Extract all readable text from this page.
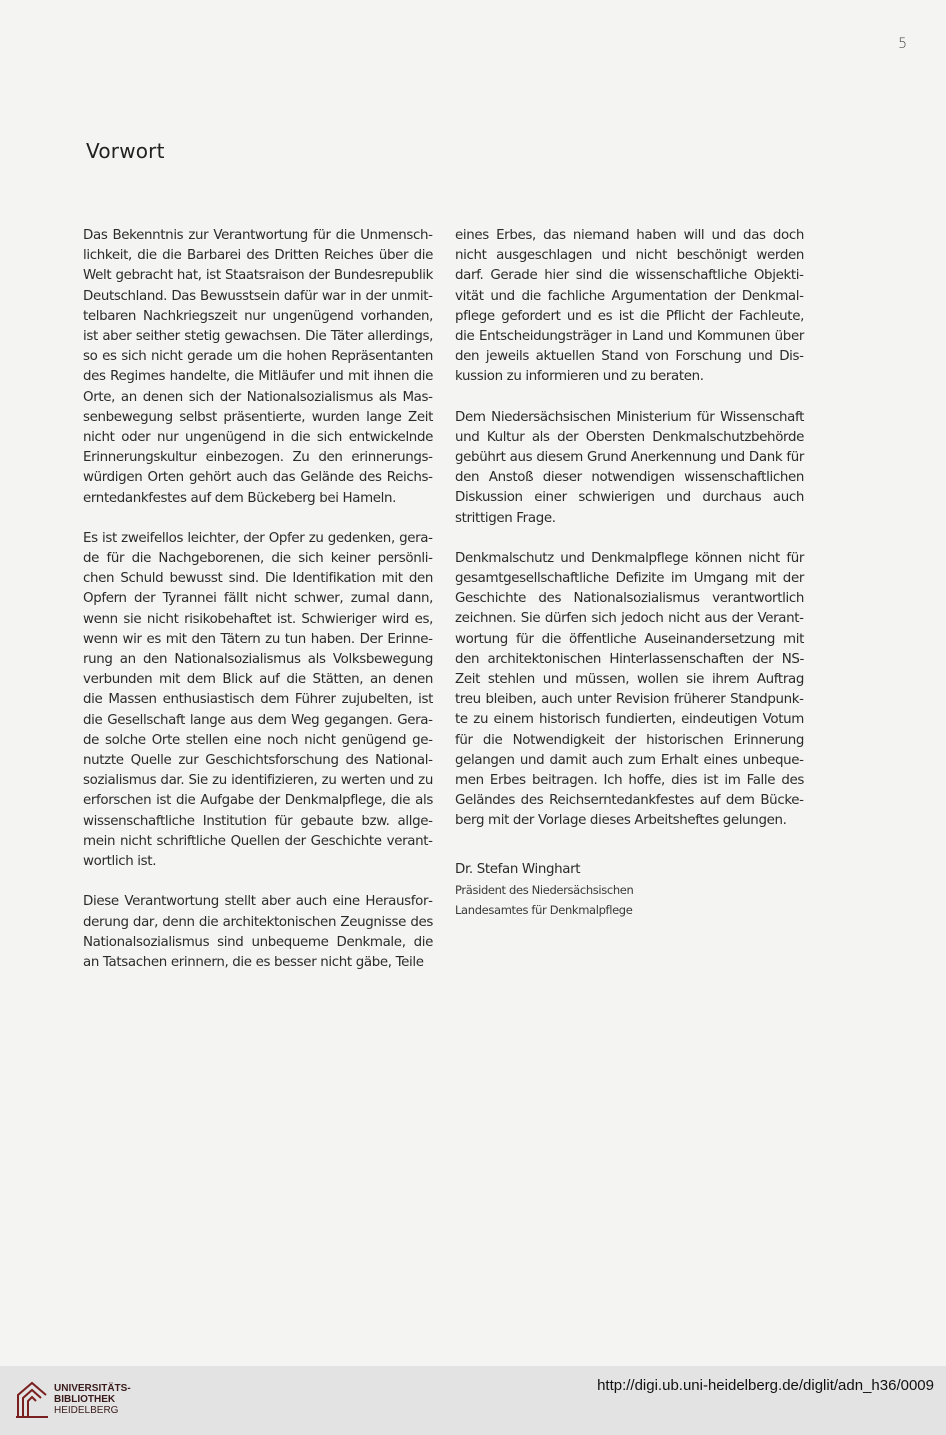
5
Vorwort

Das Bekenntnis zur Verantwortung für die Unmenschlichkeit, die die Barbarei des Dritten Reiches über die Welt gebracht hat, ist Staatsraison der Bundesrepublik Deutschland. Das Bewusstsein dafür war in der unmittelbaren Nachkriegszeit nur ungenügend vorhanden, ist aber seither stetig gewachsen. Die Täter allerdings, so es sich nicht gerade um die hohen Repräsentanten des Regimes handelte, die Mitläufer und mit ihnen die Orte, an denen sich der Nationalsozialismus als Massenbewegung selbst präsentierte, wurden lange Zeit nicht oder nur ungenügend in die sich entwickelnde Erinnerungskultur einbezogen. Zu den erinnerungswürdigen Orten gehört auch das Gelände des Reichserntedankfestes auf dem Bückeberg bei Hameln.

Es ist zweifellos leichter, der Opfer zu gedenken, gerade für die Nachgeborenen, die sich keiner persönlichen Schuld bewusst sind. Die Identifikation mit den Opfern der Tyrannei fällt nicht schwer, zumal dann, wenn sie nicht risikobehaftet ist. Schwieriger wird es, wenn wir es mit den Tätern zu tun haben. Der Erinnerung an den Nationalsozialismus als Volksbewegung verbunden mit dem Blick auf die Stätten, an denen die Massen enthusiastisch dem Führer zujubelten, ist die Gesellschaft lange aus dem Weg gegangen. Gerade solche Orte stellen eine noch nicht genügend genutzte Quelle zur Geschichtsforschung des Nationalsozialismus dar. Sie zu identifizieren, zu werten und zu erforschen ist die Aufgabe der Denkmalpflege, die als wissenschaftliche Institution für gebaute bzw. allgemein nicht schriftliche Quellen der Geschichte verantwortlich ist.

Diese Verantwortung stellt aber auch eine Herausforderung dar, denn die architektonischen Zeugnisse des Nationalsozialismus sind unbequeme Denkmale, die an Tatsachen erinnern, die es besser nicht gäbe, Teile

eines Erbes, das niemand haben will und das doch nicht ausgeschlagen und nicht beschönigt werden darf. Gerade hier sind die wissenschaftliche Objektivität und die fachliche Argumentation der Denkmalpflege gefordert und es ist die Pflicht der Fachleute, die Entscheidungsträger in Land und Kommunen über den jeweils aktuellen Stand von Forschung und Diskussion zu informieren und zu beraten.

Dem Niedersächsischen Ministerium für Wissenschaft und Kultur als der Obersten Denkmalschutzbehörde gebührt aus diesem Grund Anerkennung und Dank für den Anstoß dieser notwendigen wissenschaftlichen Diskussion einer schwierigen und durchaus auch strittigen Frage.

Denkmalschutz und Denkmalpflege können nicht für gesamtgesellschaftliche Defizite im Umgang mit der Geschichte des Nationalsozialismus verantwortlich zeichnen. Sie dürfen sich jedoch nicht aus der Verantwortung für die öffentliche Auseinandersetzung mit den architektonischen Hinterlassenschaften der NS-Zeit stehlen und müssen, wollen sie ihrem Auftrag treu bleiben, auch unter Revision früherer Standpunkte zu einem historisch fundierten, eindeutigen Votum für die Notwendigkeit der historischen Erinnerung gelangen und damit auch zum Erhalt eines unbequemen Erbes beitragen. Ich hoffe, dies ist im Falle des Geländes des Reichserntedankfestes auf dem Bückeberg mit der Vorlage dieses Arbeitsheftes gelungen.

Dr. Stefan Winghart
Präsident des Niedersächsischen
Landesamtes für Denkmalpflege
UNIVERSITÄTS-
BIBLIOTHEK
HEIDELBERG
http://digi.ub.uni-heidelberg.de/diglit/adn_h36/0009
